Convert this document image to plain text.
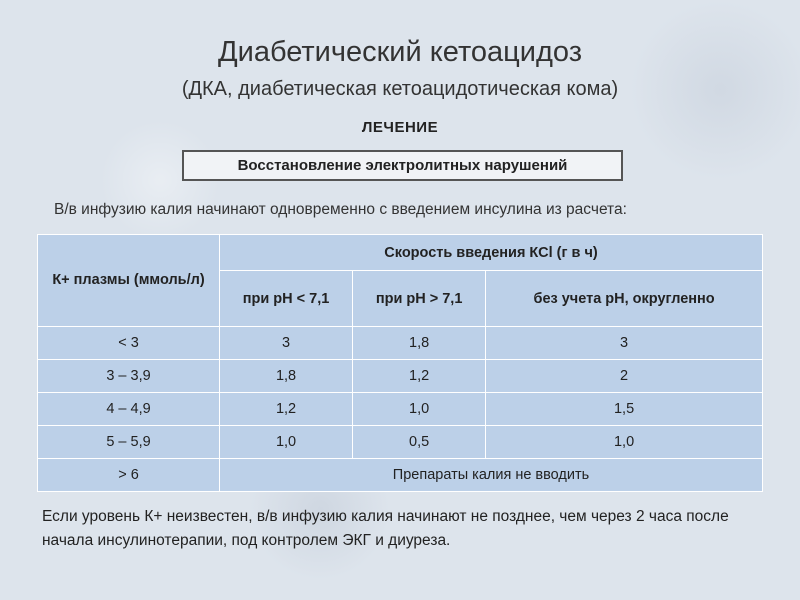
Диабетический кетоацидоз
(ДКА, диабетическая кетоацидотическая кома)
ЛЕЧЕНИЕ
Восстановление электролитных нарушений
В/в инфузию калия начинают одновременно с введением инсулина из расчета:
К+ плазмы (ммоль/л)	Скорость введения КСl (г в ч)		
	при pH < 7,1	при pH > 7,1	без учета pH, округленно
< 3	3	1,8	3
3 – 3,9	1,8	1,2	2
4 – 4,9	1,2	1,0	1,5
5 – 5,9	1,0	0,5	1,0
> 6	Препараты калия не вводить		
Если уровень К+ неизвестен, в/в инфузию калия начинают не позднее, чем через 2 часа после начала инсулинотерапии, под контролем ЭКГ и диуреза.
